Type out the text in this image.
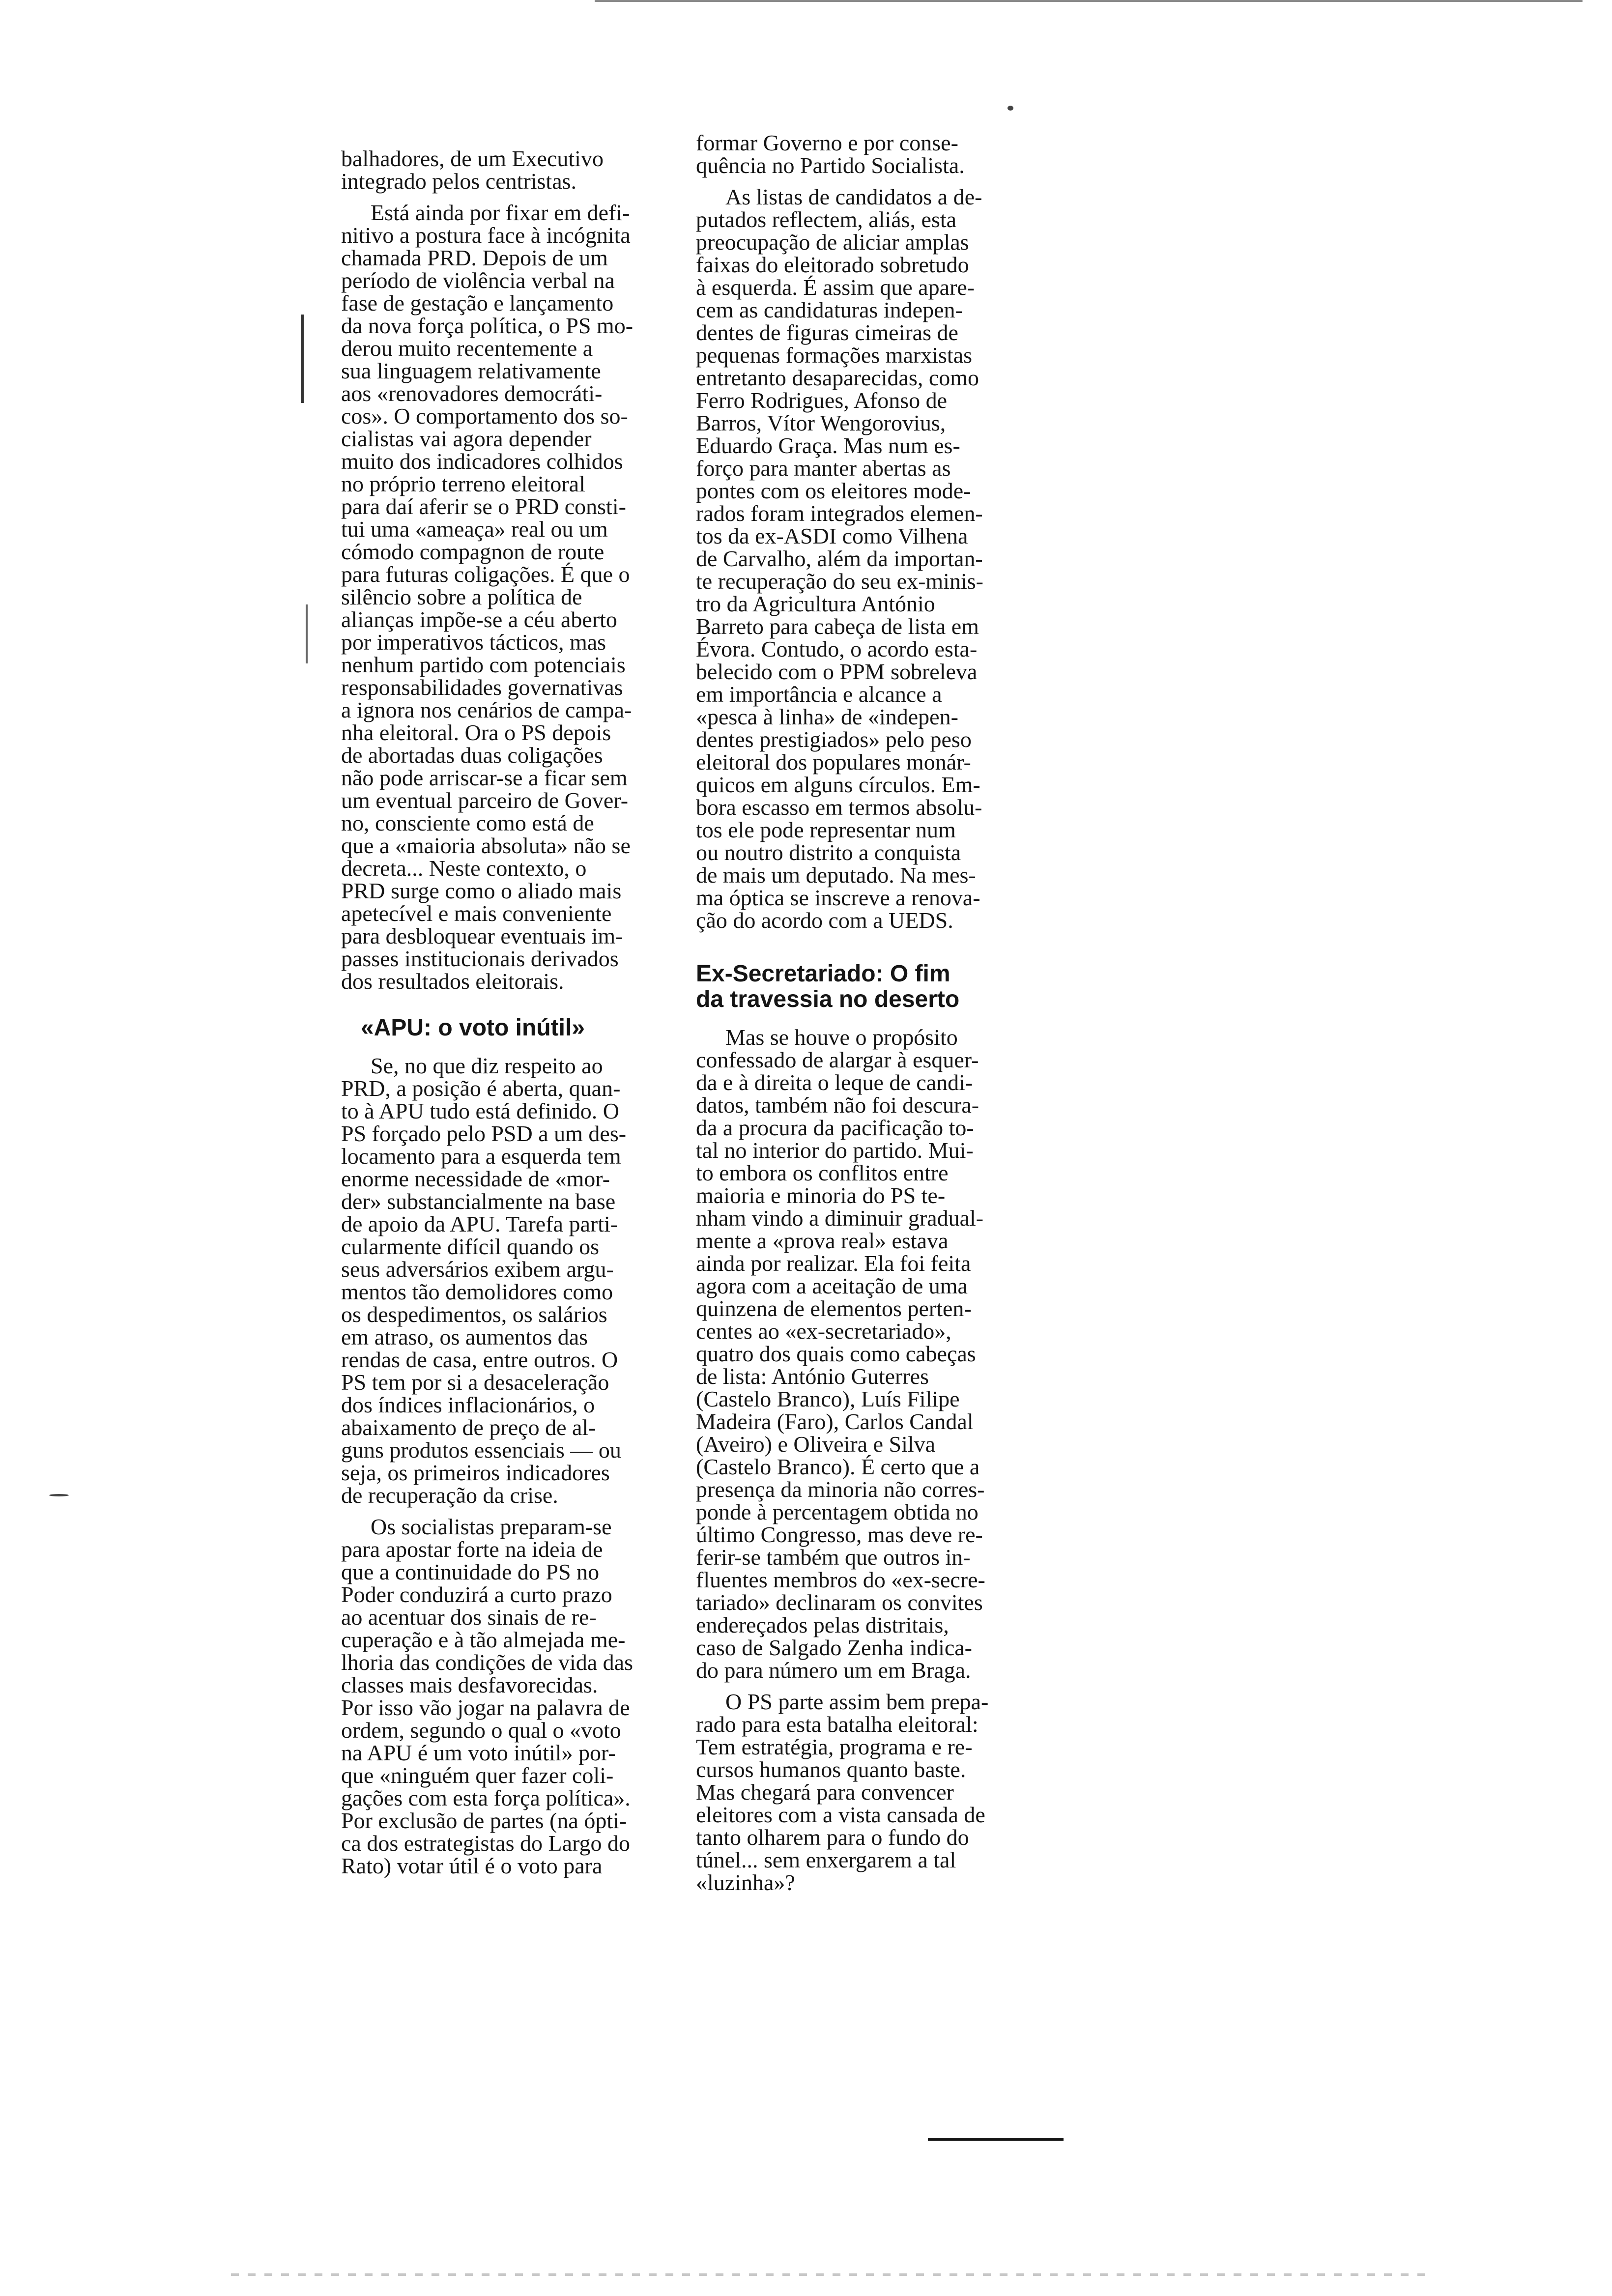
balhadores, de um Executivo
integrado pelos centristas.

Está ainda por fixar em defi-
nitivo a postura face à incógnita
chamada PRD. Depois de um
período de violência verbal na
fase de gestação e lançamento
da nova força política, o PS mo-
derou muito recentemente a
sua linguagem relativamente
aos «renovadores democráti-
cos». O comportamento dos so-
cialistas vai agora depender
muito dos indicadores colhidos
no próprio terreno eleitoral
para daí aferir se o PRD consti-
tui uma «ameaça» real ou um
cómodo compagnon de route
para futuras coligações. É que o
silêncio sobre a política de
alianças impõe-se a céu aberto
por imperativos tácticos, mas
nenhum partido com potenciais
responsabilidades governativas
a ignora nos cenários de campa-
nha eleitoral. Ora o PS depois
de abortadas duas coligações
não pode arriscar-se a ficar sem
um eventual parceiro de Gover-
no, consciente como está de
que a «maioria absoluta» não se
decreta... Neste contexto, o
PRD surge como o aliado mais
apetecível e mais conveniente
para desbloquear eventuais im-
passes institucionais derivados
dos resultados eleitorais.

«APU: o voto inútil»

Se, no que diz respeito ao
PRD, a posição é aberta, quan-
to à APU tudo está definido. O
PS forçado pelo PSD a um des-
locamento para a esquerda tem
enorme necessidade de «mor-
der» substancialmente na base
de apoio da APU. Tarefa parti-
cularmente difícil quando os
seus adversários exibem argu-
mentos tão demolidores como
os despedimentos, os salários
em atraso, os aumentos das
rendas de casa, entre outros. O
PS tem por si a desaceleração
dos índices inflacionários, o
abaixamento de preço de al-
guns produtos essenciais — ou
seja, os primeiros indicadores
de recuperação da crise.

Os socialistas preparam-se
para apostar forte na ideia de
que a continuidade do PS no
Poder conduzirá a curto prazo
ao acentuar dos sinais de re-
cuperação e à tão almejada me-
lhoria das condições de vida das
classes mais desfavorecidas.
Por isso vão jogar na palavra de
ordem, segundo o qual o «voto
na APU é um voto inútil» por-
que «ninguém quer fazer coli-
gações com esta força política».
Por exclusão de partes (na ópti-
ca dos estrategistas do Largo do
Rato) votar útil é o voto para

formar Governo e por conse-
quência no Partido Socialista.

As listas de candidatos a de-
putados reflectem, aliás, esta
preocupação de aliciar amplas
faixas do eleitorado sobretudo
à esquerda. É assim que apare-
cem as candidaturas indepen-
dentes de figuras cimeiras de
pequenas formações marxistas
entretanto desaparecidas, como
Ferro Rodrigues, Afonso de
Barros, Vítor Wengorovius,
Eduardo Graça. Mas num es-
forço para manter abertas as
pontes com os eleitores mode-
rados foram integrados elemen-
tos da ex-ASDI como Vilhena
de Carvalho, além da importan-
te recuperação do seu ex-minis-
tro da Agricultura António
Barreto para cabeça de lista em
Évora. Contudo, o acordo esta-
belecido com o PPM sobreleva
em importância e alcance a
«pesca à linha» de «indepen-
dentes prestigiados» pelo peso
eleitoral dos populares monár-
quicos em alguns círculos. Em-
bora escasso em termos absolu-
tos ele pode representar num
ou noutro distrito a conquista
de mais um deputado. Na mes-
ma óptica se inscreve a renova-
ção do acordo com a UEDS.

Ex-Secretariado: O fim
da travessia no deserto

Mas se houve o propósito
confessado de alargar à esquer-
da e à direita o leque de candi-
datos, também não foi descura-
da a procura da pacificação to-
tal no interior do partido. Mui-
to embora os conflitos entre
maioria e minoria do PS te-
nham vindo a diminuir gradual-
mente a «prova real» estava
ainda por realizar. Ela foi feita
agora com a aceitação de uma
quinzena de elementos perten-
centes ao «ex-secretariado»,
quatro dos quais como cabeças
de lista: António Guterres
(Castelo Branco), Luís Filipe
Madeira (Faro), Carlos Candal
(Aveiro) e Oliveira e Silva
(Castelo Branco). É certo que a
presença da minoria não corres-
ponde à percentagem obtida no
último Congresso, mas deve re-
ferir-se também que outros in-
fluentes membros do «ex-secre-
tariado» declinaram os convites
endereçados pelas distritais,
caso de Salgado Zenha indica-
do para número um em Braga.

O PS parte assim bem prepa-
rado para esta batalha eleitoral:
Tem estratégia, programa e re-
cursos humanos quanto baste.
Mas chegará para convencer
eleitores com a vista cansada de
tanto olharem para o fundo do
túnel... sem enxergarem a tal
«luzinha»?
